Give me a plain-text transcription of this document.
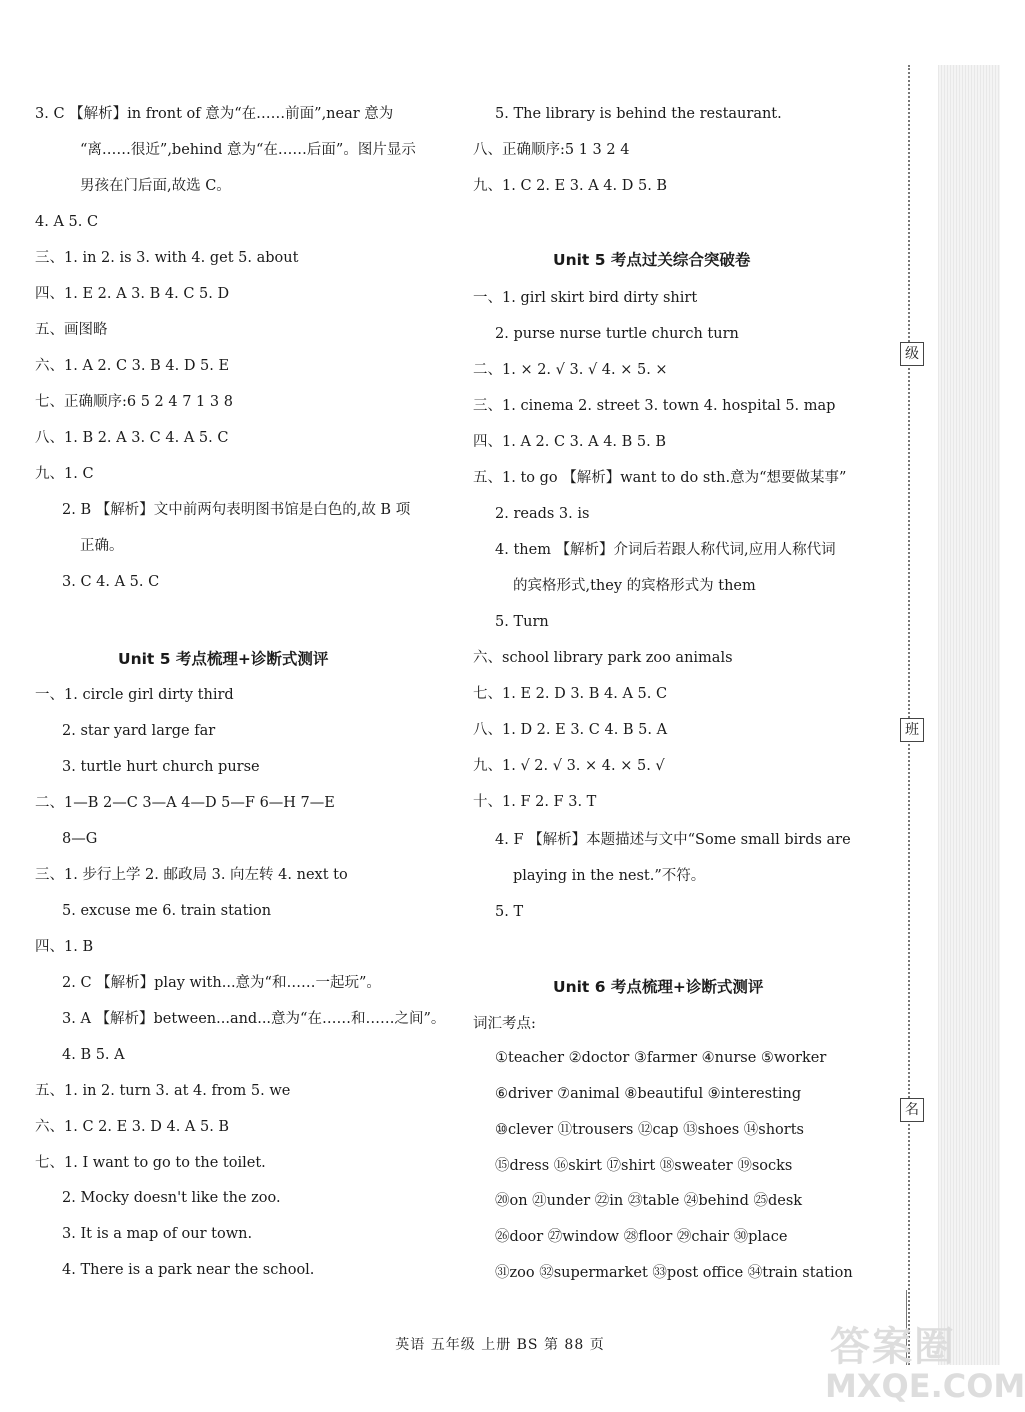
3. C 【解析】in front of 意为“在……前面”,near 意为
“离……很近”,behind 意为“在……后面”。图片显示
男孩在门后面,故选 C。
4. A 5. C
三、1. in 2. is 3. with 4. get 5. about
四、1. E 2. A 3. B 4. C 5. D
五、画图略
六、1. A 2. C 3. B 4. D 5. E
七、正确顺序:6 5 2 4 7 1 3 8
八、1. B 2. A 3. C 4. A 5. C
九、1. C
2. B 【解析】文中前两句表明图书馆是白色的,故 B 项
正确。
3. C 4. A 5. C
一、1. circle girl dirty third
2. star yard large far
3. turtle hurt church purse
二、1—B 2—C 3—A 4—D 5—F 6—H 7—E
8—G
三、1. 步行上学 2. 邮政局 3. 向左转 4. next to
5. excuse me 6. train station
四、1. B
2. C 【解析】play with...意为“和……一起玩”。
3. A 【解析】between...and...意为“在……和……之间”。
4. B 5. A
五、1. in 2. turn 3. at 4. from 5. we
六、1. C 2. E 3. D 4. A 5. B
七、1. I want to go to the toilet.
2. Mocky doesn't like the zoo.
3. It is a map of our town.
4. There is a park near the school.
Unit 5 考点梳理+诊断式测评
5. The library is behind the restaurant.
八、正确顺序:5 1 3 2 4
九、1. C 2. E 3. A 4. D 5. B
一、1. girl skirt bird dirty shirt
2. purse nurse turtle church turn
二、1. × 2. √ 3. √ 4. × 5. ×
三、1. cinema 2. street 3. town 4. hospital 5. map
四、1. A 2. C 3. A 4. B 5. B
五、1. to go 【解析】want to do sth.意为“想要做某事”
2. reads 3. is
4. them 【解析】介词后若跟人称代词,应用人称代词
的宾格形式,they 的宾格形式为 them
5. Turn
六、school library park zoo animals
七、1. E 2. D 3. B 4. A 5. C
八、1. D 2. E 3. C 4. B 5. A
九、1. √ 2. √ 3. × 4. × 5. √
十、1. F 2. F 3. T
4. F 【解析】本题描述与文中“Some small birds are
playing in the nest.”不符。
5. T
词汇考点:
①teacher ②doctor ③farmer ④nurse ⑤worker
⑥driver ⑦animal ⑧beautiful ⑨interesting
⑩clever ⑪trousers ⑫cap ⑬shoes ⑭shorts
⑮dress ⑯skirt ⑰shirt ⑱sweater ⑲socks
⑳on ㉑under ㉒in ㉓table ㉔behind ㉕desk
㉖door ㉗window ㉘floor ㉙chair ㉚place
㉛zoo ㉜supermarket ㉝post office ㉞train station
Unit 5 考点过关综合突破卷
Unit 6 考点梳理+诊断式测评
级
班
名
英语 五年级 上册 BS 第 88 页	答案圈
MXQE.COM
